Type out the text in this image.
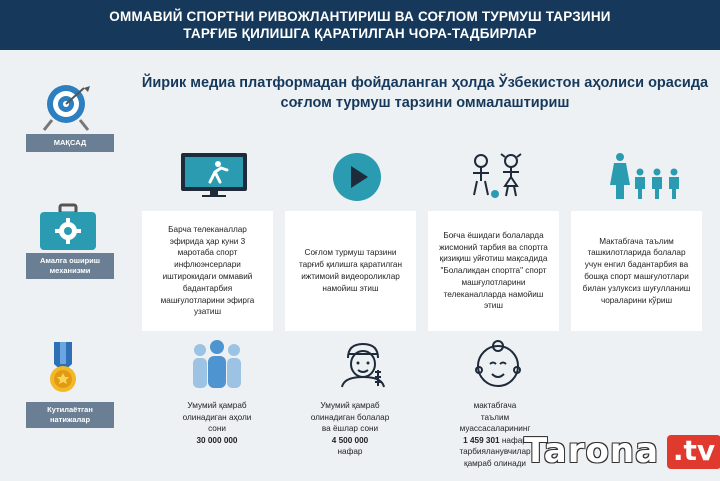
ОММАВИЙ СПОРТНИ РИВОЖЛАНТИРИШ ВА СОҒЛОМ ТУРМУШ ТАРЗИНИ
ТАРҒИБ ҚИЛИШГА ҚАРАТИЛГАН ЧОРА-ТАДБИРЛАР
Йирик медиа платформадан фойдаланган ҳолда Ўзбекистон аҳолиси орасида
соғлом турмуш тарзини оммалаштириш
МАҚСАД
Амалга ошириш
механизми
Кутилаётган
натижалар
Барча телеканаллар эфирида ҳар куни 3 маротаба спорт инфлюэнсерлари иштирокидаги оммавий бадантарбия машғулотларини эфирга узатиш
Соғлом турмуш тарзини тарғиб қилишга қаратилган ижтимоий видеороликлар намойиш этиш
Боғча ёшидаги болаларда жисмоний тарбия ва спортга қизиқиш уйғотиш мақсадида "Болаликдан спортга" спорт машғулотларини телеканалларда намойиш этиш
Мактабгача таълим ташкилотларида болалар учун енгил бадантарбия ва бошқа спорт машғулотлари билан узлуксиз шуғулланиш чораларини кўриш
Умумий қамраб
олинадиган аҳоли
сони
30 000 000
Умумий қамраб
олинадиган болалар
ва ёшлар сони
4 500 000
нафар
мактабгача
таълим
муассасаларининг
1 459 301 нафар
тарбияланувчилар
қамраб олинади
Tarona .tv
